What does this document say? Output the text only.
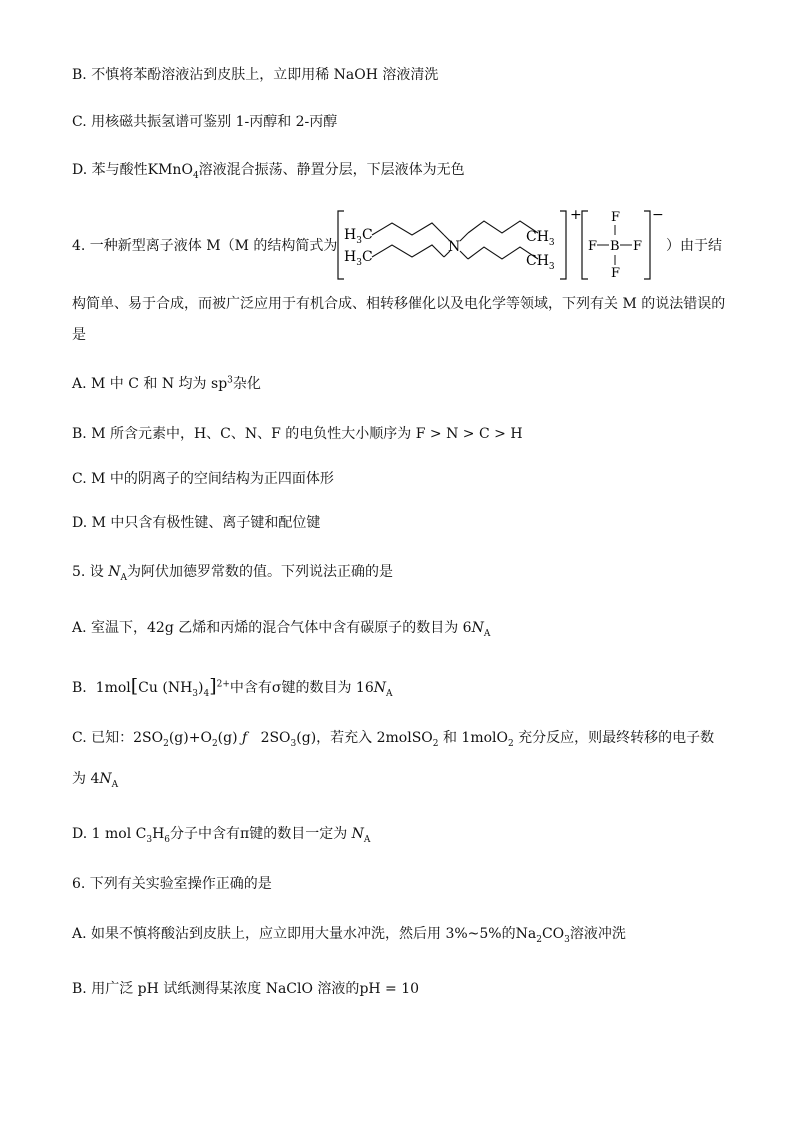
B. 不慎将苯酚溶液沾到皮肤上，立即用稀 NaOH 溶液清洗
C. 用核磁共振氢谱可鉴别 1-丙醇和 2-丙醇
D. 苯与酸性KMnO$_4$溶液混合振荡、静置分层，下层液体为无色
4. 一种新型离子液体 M（M 的结构简式为
+
$H_3C$
$H_3C$
N
$CH_3$
$CH_3$
−
F
F B F
F
）由于结
构简单、易于合成，而被广泛应用于有机合成、相转移催化以及电化学等领域，下列有关 M 的说法错误的
是
A. M 中 C 和 N 均为 $sp^3$杂化
B. M 所含元素中，H、C、N、F 的电负性大小顺序为 F > N > C > H
C. M 中的阴离子的空间结构为正四面体形
D. M 中只含有极性键、离子键和配位键
5. 设 $N_A$为阿伏加德罗常数的值。下列说法正确的是
A. 室温下，42g 乙烯和丙烯的混合气体中含有碳原子的数目为 $6N_A$
B. 1mol[Cu $(NH_3)_4]^{2+}$中含有σ键的数目为 $16N_A$
C. 已知：$2SO_2(g)+O_2(g)$ ƒ $2SO_3(g)$，若充入 2molSO$_2$ 和 1molO$_2$ 充分反应，则最终转移的电子数
为 $4N_A$
D. 1 mol $C_3H_6$分子中含有π键的数目一定为 $N_A$
6. 下列有关实验室操作正确的是
A. 如果不慎将酸沾到皮肤上，应立即用大量水冲洗，然后用 3%~5%的$Na_2CO_3$溶液冲洗
B. 用广泛 pH 试纸测得某浓度 NaClO 溶液的pH = 10
